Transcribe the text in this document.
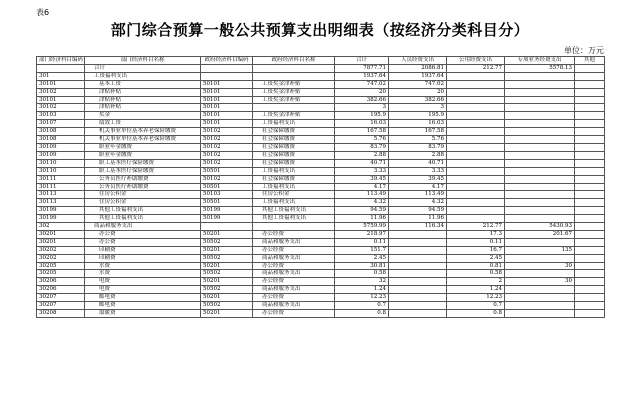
表6
部门综合预算一般公共预算支出明细表（按经济分类科目分）
单位：万元
部门经济科目编码	部门经济科目名称	政府经济科目编码	政府经济科目名称	合计	人员经费支出	公用经费支出	专项业务经费支出	其他
	合计			7877.71	2086.81	212.77	5578.13	
301	工资福利支出			1937.64	1937.64			
30101	基本工资	50101	工资奖金津补贴	747.02	747.02			
30102	津贴补贴	50101	工资奖金津补贴	20	20			
30101	津贴补贴	50101	工资奖金津补贴	382.66	382.66			
30102	津贴补贴	50101		3	3			
30103	奖金	50101	工资奖金津补贴	195.9	195.9			
30107	绩效工资	50101	工资福利支出	16.03	16.03			
30108	机关事业单位基本养老保险缴费	50102	社会保障缴费	167.58	167.58			
30108	机关事业单位基本养老保险缴费	50102	社会保障缴费	5.76	5.76			
30109	职业年金缴费	50102	社会保障缴费	83.79	83.79			
30109	职业年金缴费	50102	社会保障缴费	2.88	2.88			
30110	职工基本医疗保险缴费	50102	社会保障缴费	40.71	40.71			
30110	职工基本医疗保险缴费	50501	工资福利支出	3.33	3.33			
30111	公务员医疗补助缴费	50102	社会保障缴费	39.45	39.45			
30111	公务员医疗补助缴费	50501	工资福利支出	4.17	4.17			
30113	住房公积金	50103	住房公积金	113.49	113.49			
30113	住房公积金	50501	工资福利支出	4.32	4.32			
30199	其他工资福利支出	50199	其他工资福利支出	94.59	94.59			
30199	其他工资福利支出	50199	其他工资福利支出	11.96	11.96			
302	商品和服务支出			5759.99	116.34	212.77	5430.93	
30201	办公费	50201	办公经费	218.97		17.3	201.67	
30201	办公费	50502	商品和服务支出	0.11		0.11		
30202	印刷费	50201	办公经费	151.7		16.7	135	
30202	印刷费	50502	商品和服务支出	2.45		2.45		
30205	水费	50201	办公经费	30.81		0.81	30	
30205	水费	50502	商品和服务支出	0.58		0.58		
30206	电费	50201	办公经费	32		2	30	
30206	电费	50502	商品和服务支出	1.24		1.24		
30207	邮电费	50201	办公经费	12.23		12.23		
30207	邮电费	50502	商品和服务支出	0.7		0.7		
30208	取暖费	50201	办公经费	0.8		0.8		
